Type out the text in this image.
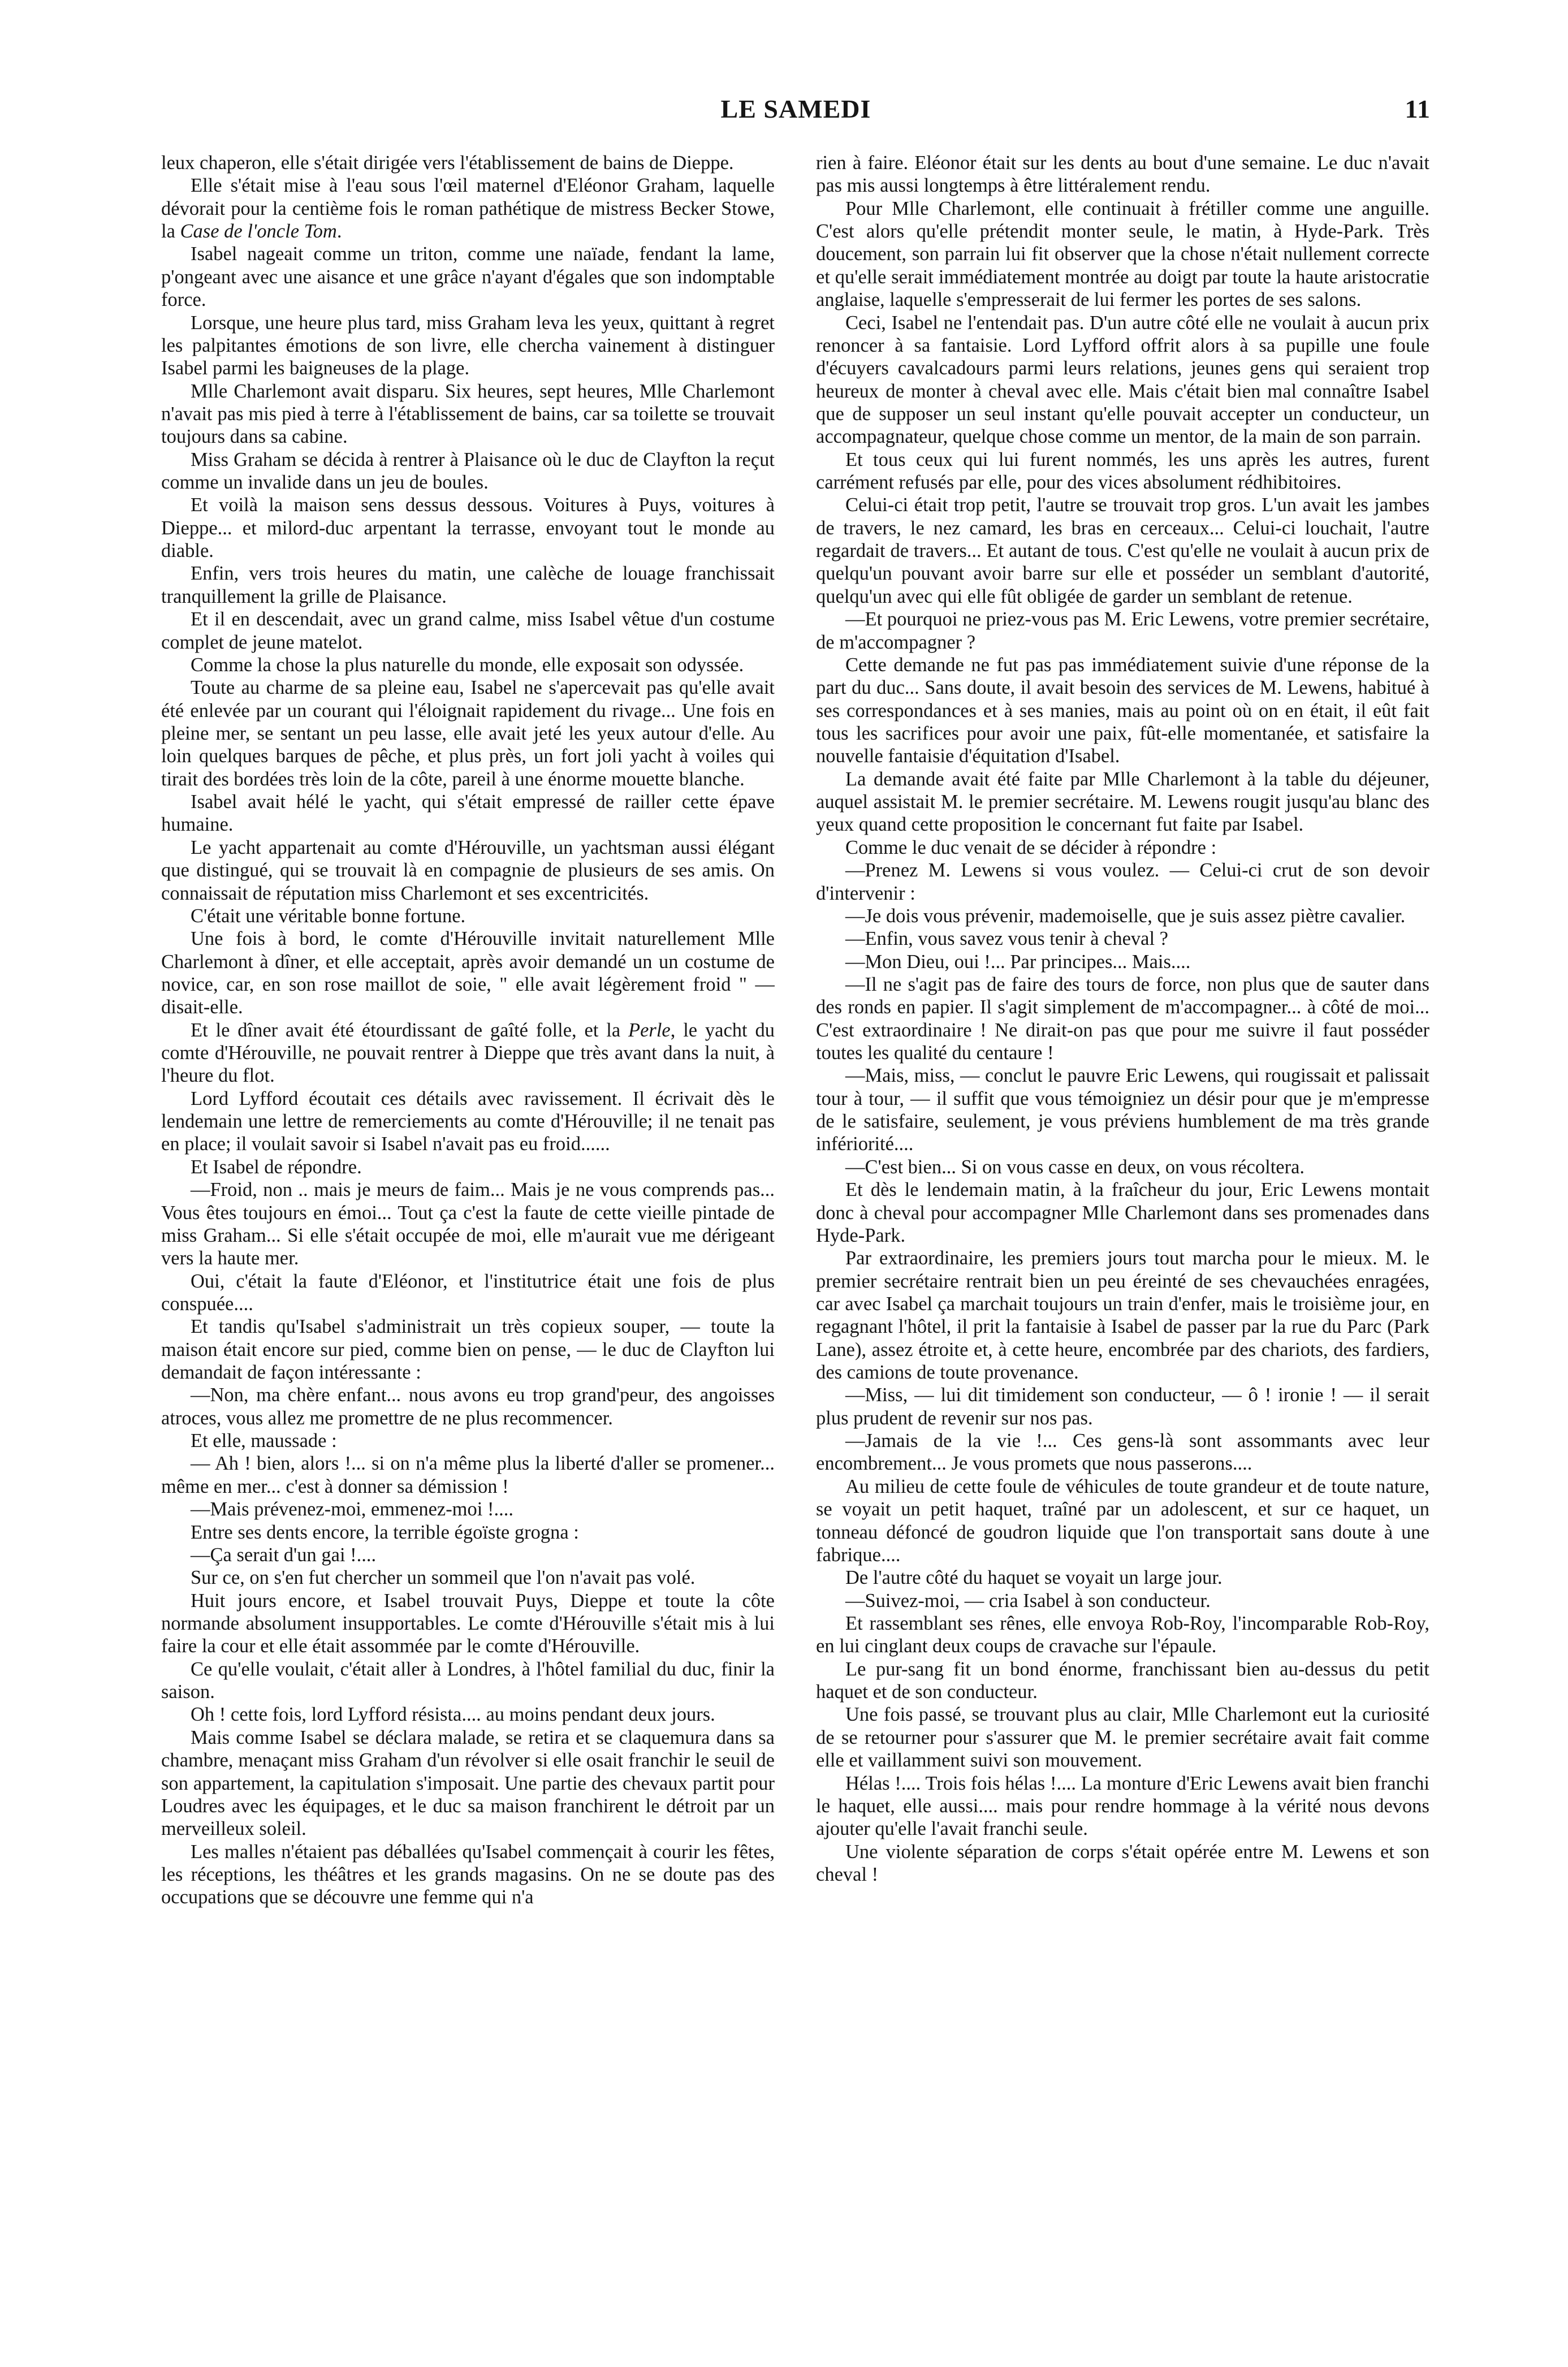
LE SAMEDI	11

leux chaperon, elle s'était dirigée vers l'établissement de bains de Dieppe.

Elle s'était mise à l'eau sous l'œil maternel d'Eléonor Graham, laquelle dévorait pour la centième fois le roman pathétique de mistress Becker Stowe, la Case de l'oncle Tom.

Isabel nageait comme un triton, comme une naïade, fendant la lame, p'ongeant avec une aisance et une grâce n'ayant d'égales que son indomptable force.

Lorsque, une heure plus tard, miss Graham leva les yeux, quittant à regret les palpitantes émotions de son livre, elle chercha vainement à distinguer Isabel parmi les baigneuses de la plage.

Mlle Charlemont avait disparu. Six heures, sept heures, Mlle Charlemont n'avait pas mis pied à terre à l'établissement de bains, car sa toilette se trouvait toujours dans sa cabine.

Miss Graham se décida à rentrer à Plaisance où le duc de Clayfton la reçut comme un invalide dans un jeu de boules.

Et voilà la maison sens dessus dessous. Voitures à Puys, voitures à Dieppe... et milord-duc arpentant la terrasse, envoyant tout le monde au diable.

Enfin, vers trois heures du matin, une calèche de louage franchissait tranquillement la grille de Plaisance.

Et il en descendait, avec un grand calme, miss Isabel vêtue d'un costume complet de jeune matelot.

Comme la chose la plus naturelle du monde, elle exposait son odyssée.

Toute au charme de sa pleine eau, Isabel ne s'apercevait pas qu'elle avait été enlevée par un courant qui l'éloignait rapidement du rivage... Une fois en pleine mer, se sentant un peu lasse, elle avait jeté les yeux autour d'elle. Au loin quelques barques de pêche, et plus près, un fort joli yacht à voiles qui tirait des bordées très loin de la côte, pareil à une énorme mouette blanche.

Isabel avait hélé le yacht, qui s'était empressé de railler cette épave humaine.

Le yacht appartenait au comte d'Hérouville, un yachtsman aussi élégant que distingué, qui se trouvait là en compagnie de plusieurs de ses amis. On connaissait de réputation miss Charlemont et ses excentricités.

C'était une véritable bonne fortune.

Une fois à bord, le comte d'Hérouville invitait naturellement Mlle Charlemont à dîner, et elle acceptait, après avoir demandé un un costume de novice, car, en son rose maillot de soie, " elle avait légèrement froid " — disait-elle.

Et le dîner avait été étourdissant de gaîté folle, et la Perle, le yacht du comte d'Hérouville, ne pouvait rentrer à Dieppe que très avant dans la nuit, à l'heure du flot.

Lord Lyfford écoutait ces détails avec ravissement. Il écrivait dès le lendemain une lettre de remerciements au comte d'Hérouville; il ne tenait pas en place; il voulait savoir si Isabel n'avait pas eu froid......

Et Isabel de répondre.

—Froid, non .. mais je meurs de faim... Mais je ne vous comprends pas... Vous êtes toujours en émoi... Tout ça c'est la faute de cette vieille pintade de miss Graham... Si elle s'était occupée de moi, elle m'aurait vue me dérigeant vers la haute mer.

Oui, c'était la faute d'Eléonor, et l'institutrice était une fois de plus conspuée....

Et tandis qu'Isabel s'administrait un très copieux souper, — toute la maison était encore sur pied, comme bien on pense, — le duc de Clayfton lui demandait de façon intéressante :

—Non, ma chère enfant... nous avons eu trop grand'peur, des angoisses atroces, vous allez me promettre de ne plus recommencer.

Et elle, maussade :

— Ah ! bien, alors !... si on n'a même plus la liberté d'aller se promener... même en mer... c'est à donner sa démission !

—Mais prévenez-moi, emmenez-moi !....

Entre ses dents encore, la terrible égoïste grogna :

—Ça serait d'un gai !....

Sur ce, on s'en fut chercher un sommeil que l'on n'avait pas volé.

Huit jours encore, et Isabel trouvait Puys, Dieppe et toute la côte normande absolument insupportables. Le comte d'Hérouville s'était mis à lui faire la cour et elle était assommée par le comte d'Hérouville.

Ce qu'elle voulait, c'était aller à Londres, à l'hôtel familial du duc, finir la saison.

Oh ! cette fois, lord Lyfford résista.... au moins pendant deux jours.

Mais comme Isabel se déclara malade, se retira et se claquemura dans sa chambre, menaçant miss Graham d'un révolver si elle osait franchir le seuil de son appartement, la capitulation s'imposait. Une partie des chevaux partit pour Loudres avec les équipages, et le duc sa maison franchirent le détroit par un merveilleux soleil.

Les malles n'étaient pas déballées qu'Isabel commençait à courir les fêtes, les réceptions, les théâtres et les grands magasins. On ne se doute pas des occupations que se découvre une femme qui n'a

rien à faire. Eléonor était sur les dents au bout d'une semaine. Le duc n'avait pas mis aussi longtemps à être littéralement rendu.

Pour Mlle Charlemont, elle continuait à frétiller comme une anguille. C'est alors qu'elle prétendit monter seule, le matin, à Hyde-Park. Très doucement, son parrain lui fit observer que la chose n'était nullement correcte et qu'elle serait immédiatement montrée au doigt par toute la haute aristocratie anglaise, laquelle s'empresserait de lui fermer les portes de ses salons.

Ceci, Isabel ne l'entendait pas. D'un autre côté elle ne voulait à aucun prix renoncer à sa fantaisie. Lord Lyfford offrit alors à sa pupille une foule d'écuyers cavalcadours parmi leurs relations, jeunes gens qui seraient trop heureux de monter à cheval avec elle. Mais c'était bien mal connaître Isabel que de supposer un seul instant qu'elle pouvait accepter un conducteur, un accompagnateur, quelque chose comme un mentor, de la main de son parrain.

Et tous ceux qui lui furent nommés, les uns après les autres, furent carrément refusés par elle, pour des vices absolument rédhibitoires.

Celui-ci était trop petit, l'autre se trouvait trop gros. L'un avait les jambes de travers, le nez camard, les bras en cerceaux... Celui-ci louchait, l'autre regardait de travers... Et autant de tous. C'est qu'elle ne voulait à aucun prix de quelqu'un pouvant avoir barre sur elle et posséder un semblant d'autorité, quelqu'un avec qui elle fût obligée de garder un semblant de retenue.

—Et pourquoi ne priez-vous pas M. Eric Lewens, votre premier secrétaire, de m'accompagner ?

Cette demande ne fut pas pas immédiatement suivie d'une réponse de la part du duc... Sans doute, il avait besoin des services de M. Lewens, habitué à ses correspondances et à ses manies, mais au point où on en était, il eût fait tous les sacrifices pour avoir une paix, fût-elle momentanée, et satisfaire la nouvelle fantaisie d'équitation d'Isabel.

La demande avait été faite par Mlle Charlemont à la table du déjeuner, auquel assistait M. le premier secrétaire. M. Lewens rougit jusqu'au blanc des yeux quand cette proposition le concernant fut faite par Isabel.

Comme le duc venait de se décider à répondre :

—Prenez M. Lewens si vous voulez. — Celui-ci crut de son devoir d'intervenir :

—Je dois vous prévenir, mademoiselle, que je suis assez piètre cavalier.

—Enfin, vous savez vous tenir à cheval ?

—Mon Dieu, oui !... Par principes... Mais....

—Il ne s'agit pas de faire des tours de force, non plus que de sauter dans des ronds en papier. Il s'agit simplement de m'accompagner... à côté de moi... C'est extraordinaire ! Ne dirait-on pas que pour me suivre il faut posséder toutes les qualité du centaure !

—Mais, miss, — conclut le pauvre Eric Lewens, qui rougissait et palissait tour à tour, — il suffit que vous témoigniez un désir pour que je m'empresse de le satisfaire, seulement, je vous préviens humblement de ma très grande infériorité....

—C'est bien... Si on vous casse en deux, on vous récoltera.

Et dès le lendemain matin, à la fraîcheur du jour, Eric Lewens montait donc à cheval pour accompagner Mlle Charlemont dans ses promenades dans Hyde-Park.

Par extraordinaire, les premiers jours tout marcha pour le mieux. M. le premier secrétaire rentrait bien un peu éreinté de ses chevauchées enragées, car avec Isabel ça marchait toujours un train d'enfer, mais le troisième jour, en regagnant l'hôtel, il prit la fantaisie à Isabel de passer par la rue du Parc (Park Lane), assez étroite et, à cette heure, encombrée par des chariots, des fardiers, des camions de toute provenance.

—Miss, — lui dit timidement son conducteur, — ô ! ironie ! — il serait plus prudent de revenir sur nos pas.

—Jamais de la vie !... Ces gens-là sont assommants avec leur encombrement... Je vous promets que nous passerons....

Au milieu de cette foule de véhicules de toute grandeur et de toute nature, se voyait un petit haquet, traîné par un adolescent, et sur ce haquet, un tonneau défoncé de goudron liquide que l'on transportait sans doute à une fabrique....

De l'autre côté du haquet se voyait un large jour.

—Suivez-moi, — cria Isabel à son conducteur.

Et rassemblant ses rênes, elle envoya Rob-Roy, l'incomparable Rob-Roy, en lui cinglant deux coups de cravache sur l'épaule.

Le pur-sang fit un bond énorme, franchissant bien au-dessus du petit haquet et de son conducteur.

Une fois passé, se trouvant plus au clair, Mlle Charlemont eut la curiosité de se retourner pour s'assurer que M. le premier secrétaire avait fait comme elle et vaillamment suivi son mouvement.

Hélas !.... Trois fois hélas !.... La monture d'Eric Lewens avait bien franchi le haquet, elle aussi.... mais pour rendre hommage à la vérité nous devons ajouter qu'elle l'avait franchi seule.

Une violente séparation de corps s'était opérée entre M. Lewens et son cheval !
